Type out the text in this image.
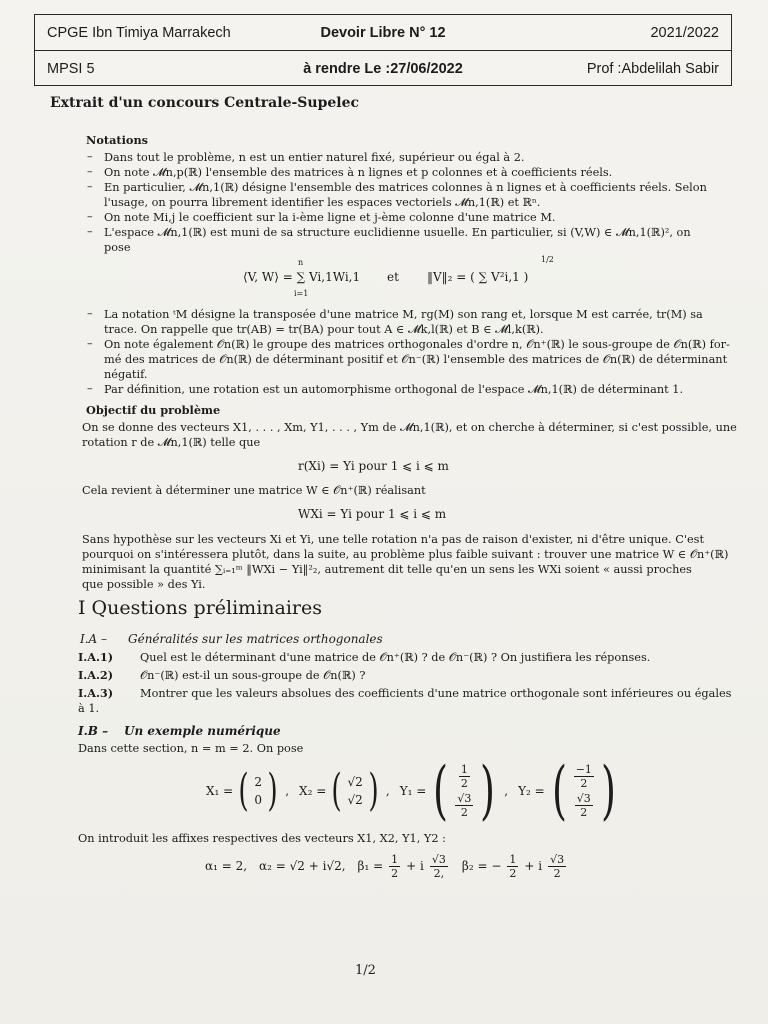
CPGE Ibn Timiya Marrakech	Devoir Libre N° 12	2021/2022
MPSI 5	à rendre Le :27/06/2022	Prof :Abdelilah Sabir
Extrait d'un concours Centrale-Supelec
Notations
– Dans tout le problème, n est un entier naturel fixé, supérieur ou égal à 2.
– On note 𝓜n,p(ℝ) l'ensemble des matrices à n lignes et p colonnes et à coefficients réels.
– En particulier, 𝓜n,1(ℝ) désigne l'ensemble des matrices colonnes à n lignes et à coefficients réels. Selon
l'usage, on pourra librement identifier les espaces vectoriels 𝓜n,1(ℝ) et ℝⁿ.
– On note Mi,j le coefficient sur la i-ème ligne et j-ème colonne d'une matrice M.
– L'espace 𝓜n,1(ℝ) est muni de sa structure euclidienne usuelle. En particulier, si (V,W) ∈ 𝓜n,1(ℝ)², on
pose
⟨V, W⟩ = ∑ Vi,1Wi,1
n
i=1
et ‖V‖₂ = ( ∑ V²i,1 )
1/2
– La notation ᵗM désigne la transposée d'une matrice M, rg(M) son rang et, lorsque M est carrée, tr(M) sa
trace. On rappelle que tr(AB) = tr(BA) pour tout A ∈ 𝓜k,l(ℝ) et B ∈ 𝓜l,k(ℝ).
– On note également 𝒪n(ℝ) le groupe des matrices orthogonales d'ordre n, 𝒪n⁺(ℝ) le sous-groupe de 𝒪n(ℝ) for-
mé des matrices de 𝒪n(ℝ) de déterminant positif et 𝒪n⁻(ℝ) l'ensemble des matrices de 𝒪n(ℝ) de déterminant
négatif.
– Par définition, une rotation est un automorphisme orthogonal de l'espace 𝓜n,1(ℝ) de déterminant 1.
Objectif du problème
On se donne des vecteurs X1, . . . , Xm, Y1, . . . , Ym de 𝓜n,1(ℝ), et on cherche à déterminer, si c'est possible, une
rotation r de 𝓜n,1(ℝ) telle que
r(Xi) = Yi pour 1 ⩽ i ⩽ m
Cela revient à déterminer une matrice W ∈ 𝒪n⁺(ℝ) réalisant
WXi = Yi pour 1 ⩽ i ⩽ m
Sans hypothèse sur les vecteurs Xi et Yi, une telle rotation n'a pas de raison d'exister, ni d'être unique. C'est
pourquoi on s'intéressera plutôt, dans la suite, au problème plus faible suivant : trouver une matrice W ∈ 𝒪n⁺(ℝ)
minimisant la quantité ∑ᵢ₌₁ᵐ ‖WXi − Yi‖²₂, autrement dit telle qu'en un sens les WXi soient « aussi proches
que possible » des Yi.
I Questions préliminaires
I.A – Généralités sur les matrices orthogonales
I.A.1) Quel est le déterminant d'une matrice de 𝒪n⁺(ℝ) ? de 𝒪n⁻(ℝ) ? On justifiera les réponses.
I.A.2) 𝒪n⁻(ℝ) est-il un sous-groupe de 𝒪n(ℝ) ?
I.A.3) Montrer que les valeurs absolues des coefficients d'une matrice orthogonale sont inférieures ou égales
à 1.
I.B – Un exemple numérique
Dans cette section, n = m = 2. On pose
X₁ = ( 2
0 ) , X₂ = ( √2
√2 ) , Y₁ = ( $\frac{1}{2}$
$\frac{√3}{2}$ ) , Y₂ = ( $\frac{-1}{2}$
$\frac{√3}{2}$ )
On introduit les affixes respectives des vecteurs X1, X2, Y1, Y2 :
α₁ = 2, α₂ = √2 + i√2, $\beta_1 = \frac{1}{2} + i \frac{√3}{2,} \beta_2$ = − $\frac{1}{2} + i \frac{√3}{2}$
1/2
